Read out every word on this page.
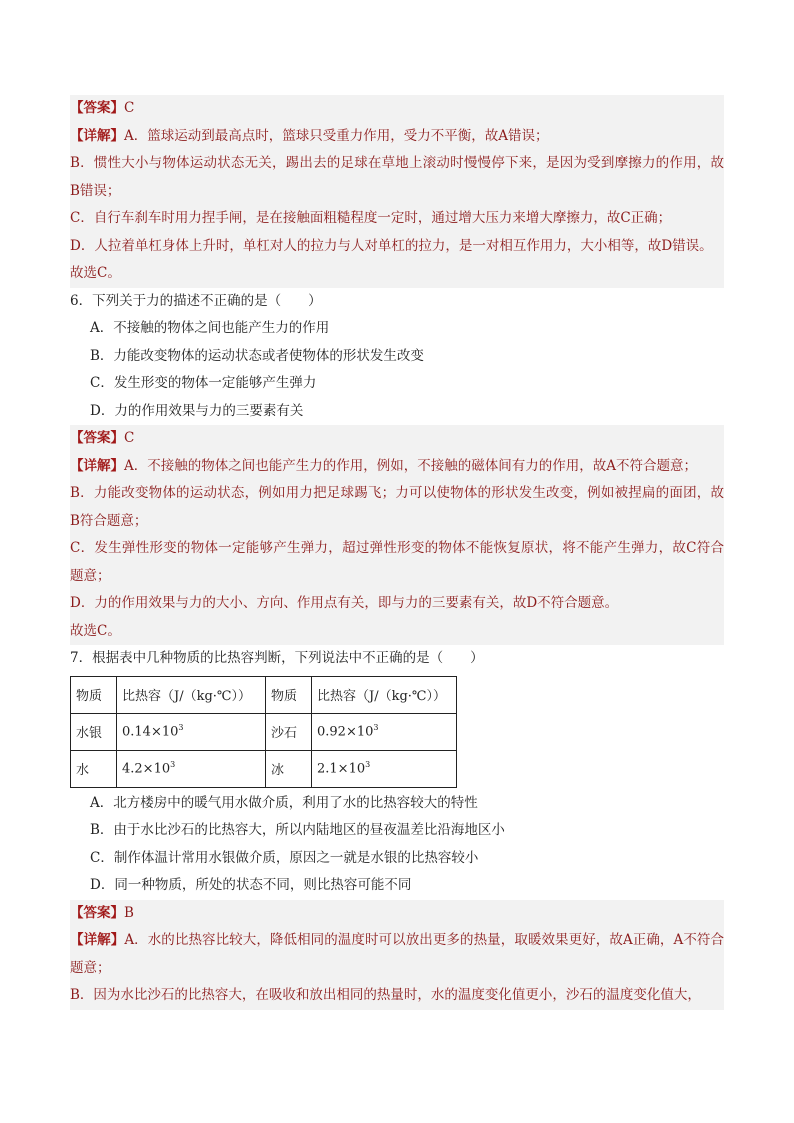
【答案】C
【详解】A．篮球运动到最高点时，篮球只受重力作用，受力不平衡，故A错误；
B．惯性大小与物体运动状态无关，踢出去的足球在草地上滚动时慢慢停下来，是因为受到摩擦力的作用，故B错误；
C．自行车刹车时用力捏手闸，是在接触面粗糙程度一定时，通过增大压力来增大摩擦力，故C正确；
D．人拉着单杠身体上升时，单杠对人的拉力与人对单杠的拉力，是一对相互作用力，大小相等，故D错误。
故选C。
6．下列关于力的描述不正确的是（　　）
A．不接触的物体之间也能产生力的作用
B．力能改变物体的运动状态或者使物体的形状发生改变
C．发生形变的物体一定能够产生弹力
D．力的作用效果与力的三要素有关
【答案】C
【详解】A．不接触的物体之间也能产生力的作用，例如，不接触的磁体间有力的作用，故A不符合题意；
B．力能改变物体的运动状态，例如用力把足球踢飞；力可以使物体的形状发生改变，例如被捏扁的面团，故B符合题意；
C．发生弹性形变的物体一定能够产生弹力，超过弹性形变的物体不能恢复原状，将不能产生弹力，故C符合题意；
D．力的作用效果与力的大小、方向、作用点有关，即与力的三要素有关，故D不符合题意。
故选C。
7．根据表中几种物质的比热容判断，下列说法中不正确的是（　　）
物质	比热容（J/（kg·℃））	物质	比热容（J/（kg·℃））
水银	$0.14\times 10^3$	沙石	$0.92\times 10^3$
水	$4.2\times 10^3$	冰	$2.1\times 10^3$
A．北方楼房中的暖气用水做介质，利用了水的比热容较大的特性
B．由于水比沙石的比热容大，所以内陆地区的昼夜温差比沿海地区小
C．制作体温计常用水银做介质，原因之一就是水银的比热容较小
D．同一种物质，所处的状态不同，则比热容可能不同
【答案】B
【详解】A．水的比热容比较大，降低相同的温度时可以放出更多的热量，取暖效果更好，故A正确，A不符合题意；
B．因为水比沙石的比热容大，在吸收和放出相同的热量时，水的温度变化值更小，沙石的温度变化值大，
